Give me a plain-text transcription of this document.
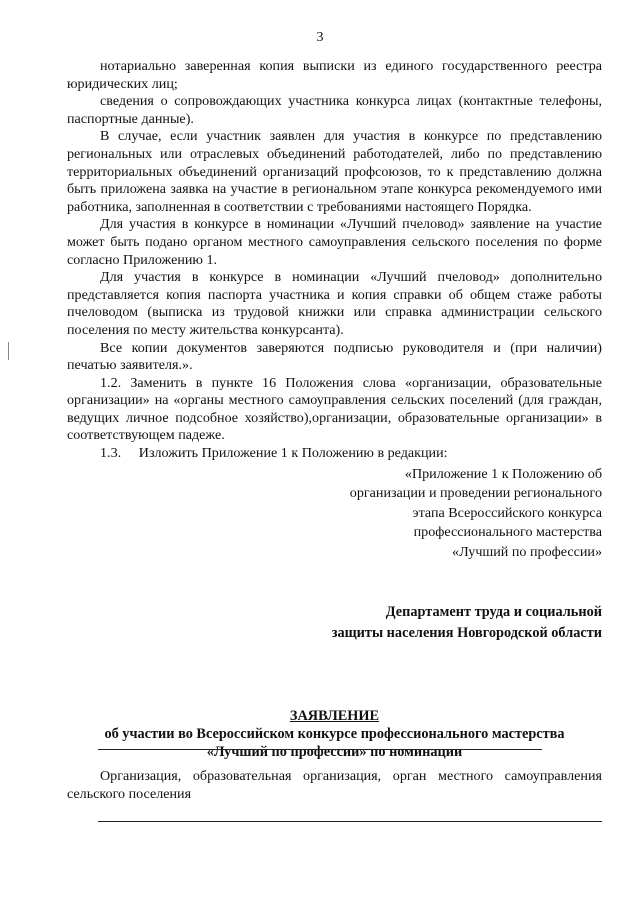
3

нотариально заверенная копия выписки из единого государственного реестра юридических лиц;

сведения о сопровождающих участника конкурса лицах (контактные телефоны, паспортные данные).

В случае, если участник заявлен для участия в конкурсе по представлению региональных или отраслевых объединений работодателей, либо по представлению территориальных объединений организаций профсоюзов, то к представлению должна быть приложена заявка на участие в региональном этапе конкурса рекомендуемого ими работника, заполненная в соответствии с требованиями настоящего Порядка.

Для участия в конкурсе в номинации «Лучший пчеловод» заявление на участие может быть подано органом местного самоуправления сельского поселения по форме согласно Приложению 1.

Для участия в конкурсе в номинации «Лучший пчеловод» дополнительно представляется копия паспорта участника и копия справки об общем стаже работы пчеловодом (выписка из трудовой книжки или справка администрации сельского поселения по месту жительства конкурсанта).

Все копии документов заверяются подписью руководителя и (при наличии) печатью заявителя.».

1.2. Заменить в пункте 16 Положения слова «организации, образовательные организации» на «органы местного самоуправления сельских поселений (для граждан, ведущих личное подсобное хозяйство),организации, образовательные организации» в соответствующем падеже.

1.3. Изложить Приложение 1 к Положению в редакции:
«Приложение 1 к Положению об
организации и проведении регионального
этапа Всероссийского конкурса
профессионального мастерства
«Лучший по профессии»
Департамент труда и социальной
защиты населения Новгородской области
ЗАЯВЛЕНИЕ
об участии во Всероссийском конкурсе профессионального мастерства
«Лучший по профессии» по номинации

Организация, образовательная организация, орган местного самоуправления сельского поселения
